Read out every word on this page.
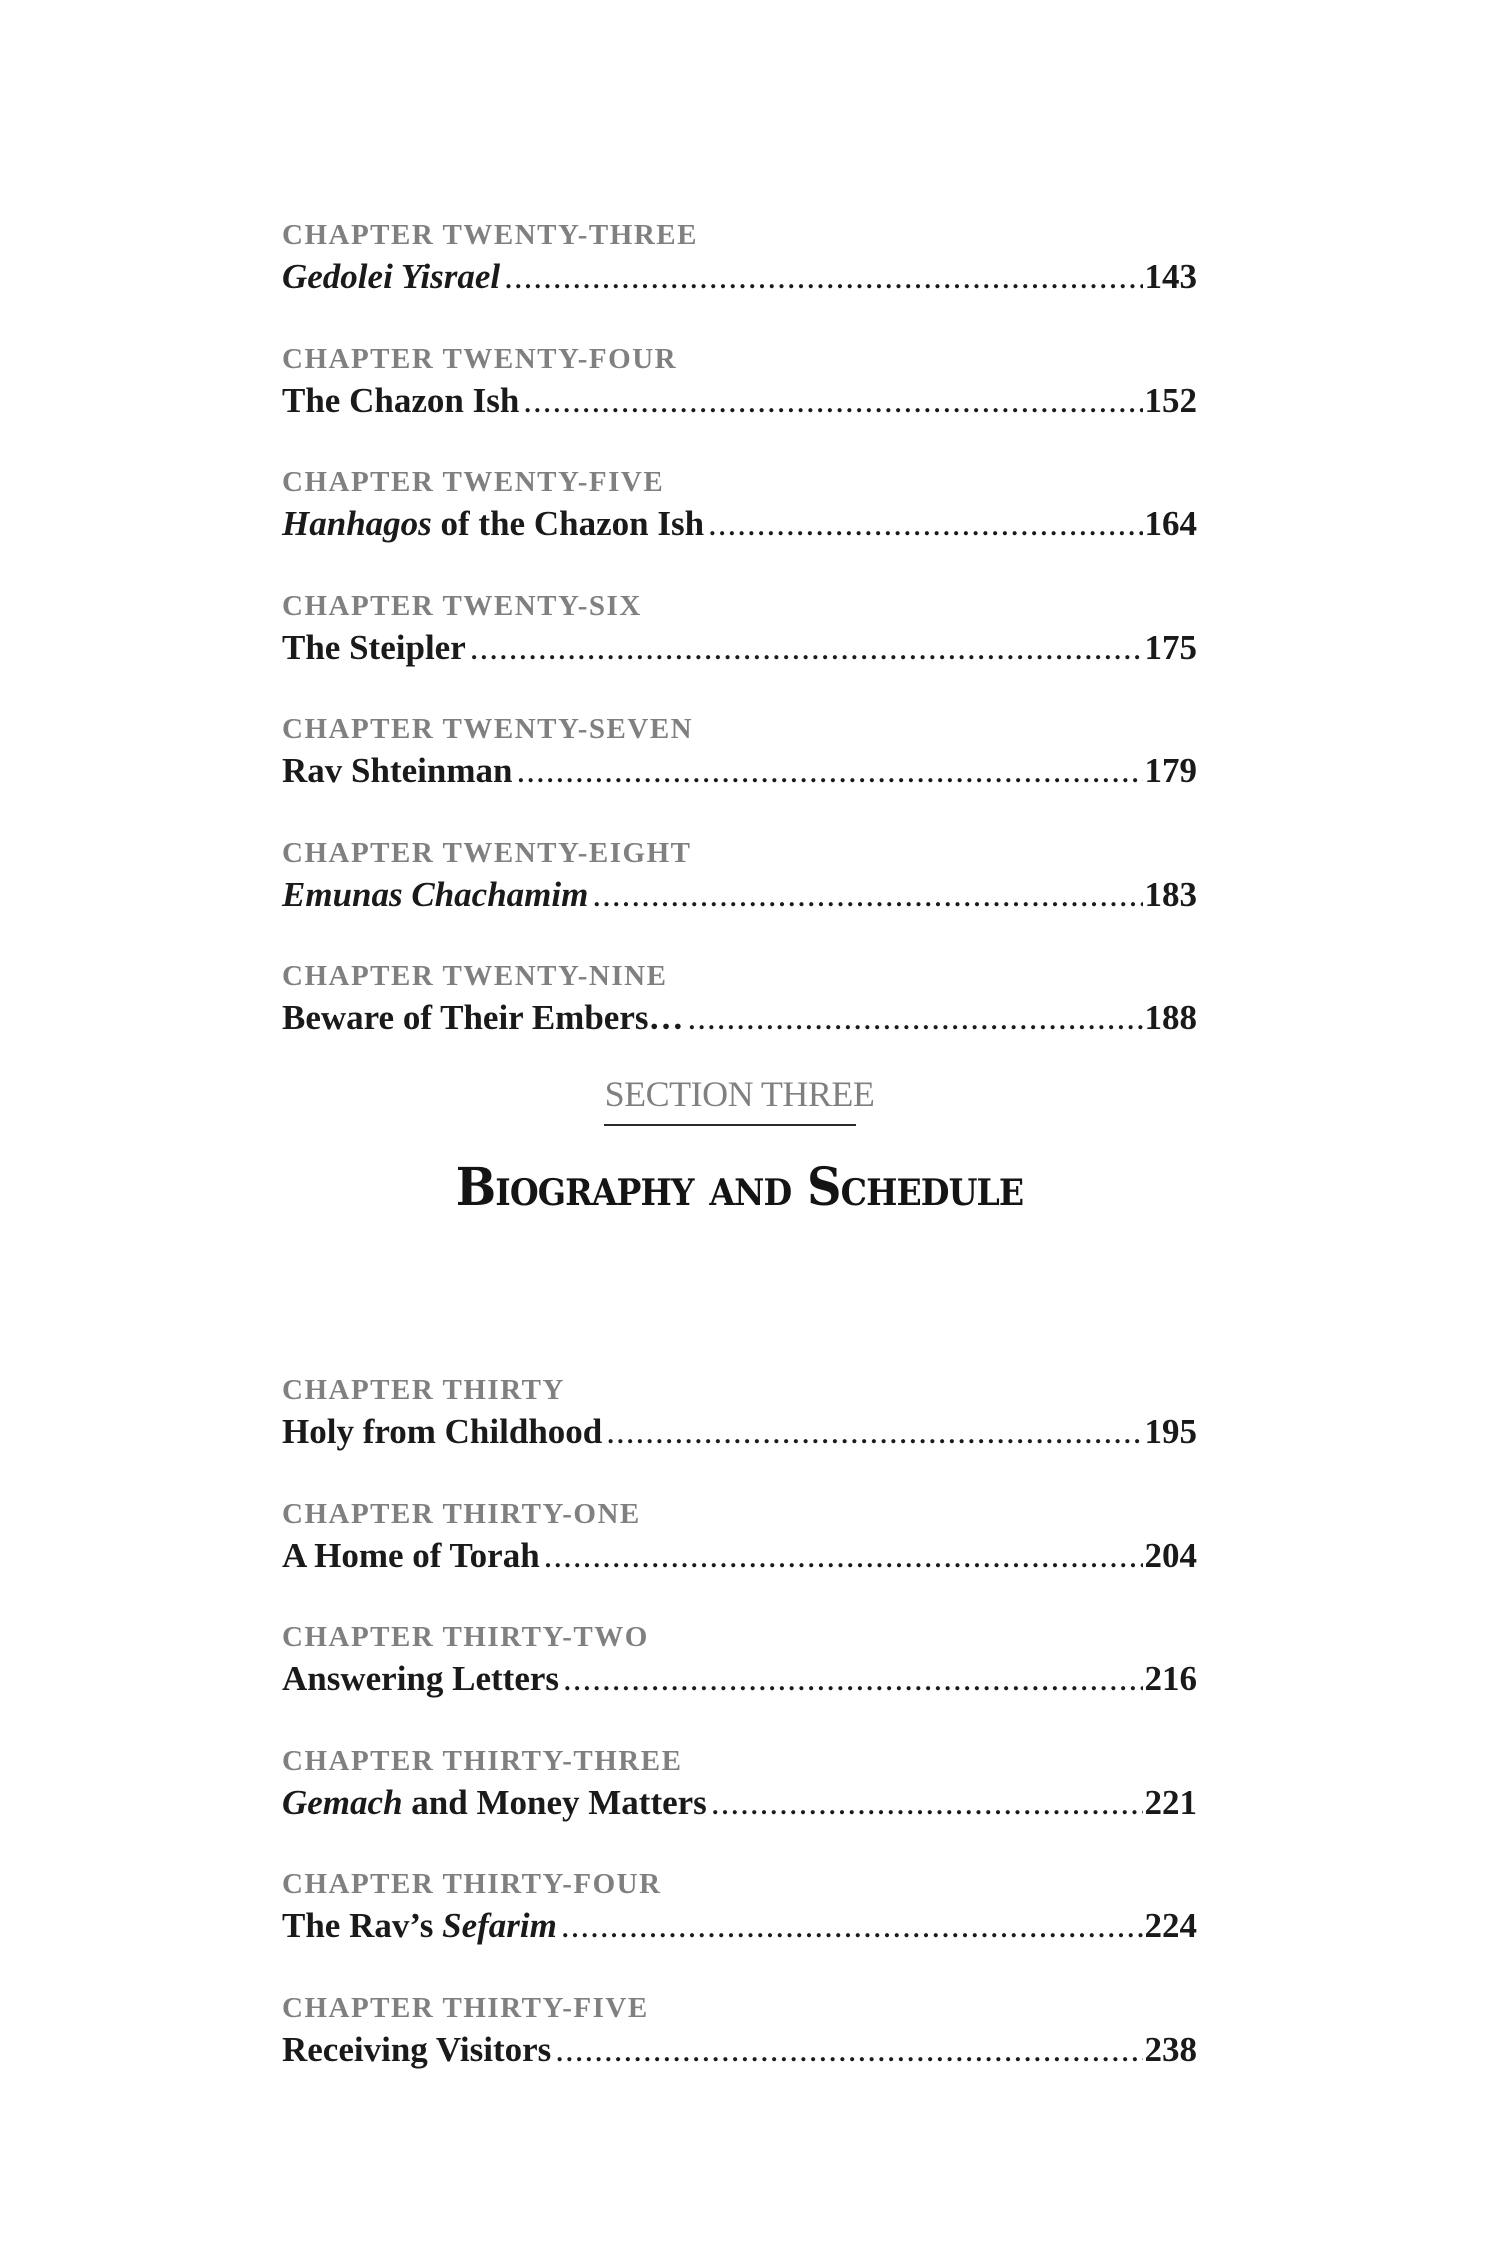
CHAPTER TWENTY-THREE
Gedolei Yisrael .....	143
CHAPTER TWENTY-FOUR
The Chazon Ish .....	152
CHAPTER TWENTY-FIVE
Hanhagos of the Chazon Ish .....	164
CHAPTER TWENTY-SIX
The Steipler .....	175
CHAPTER TWENTY-SEVEN
Rav Shteinman .....	179
CHAPTER TWENTY-EIGHT
Emunas Chachamim .....	183
CHAPTER TWENTY-NINE
Beware of Their Embers… .....	188
SECTION THREE
Biography and Schedule
CHAPTER THIRTY
Holy from Childhood .....	195
CHAPTER THIRTY-ONE
A Home of Torah .....	204
CHAPTER THIRTY-TWO
Answering Letters .....	216
CHAPTER THIRTY-THREE
Gemach and Money Matters .....	221
CHAPTER THIRTY-FOUR
The Rav’s Sefarim .....	224
CHAPTER THIRTY-FIVE
Receiving Visitors .....	238
